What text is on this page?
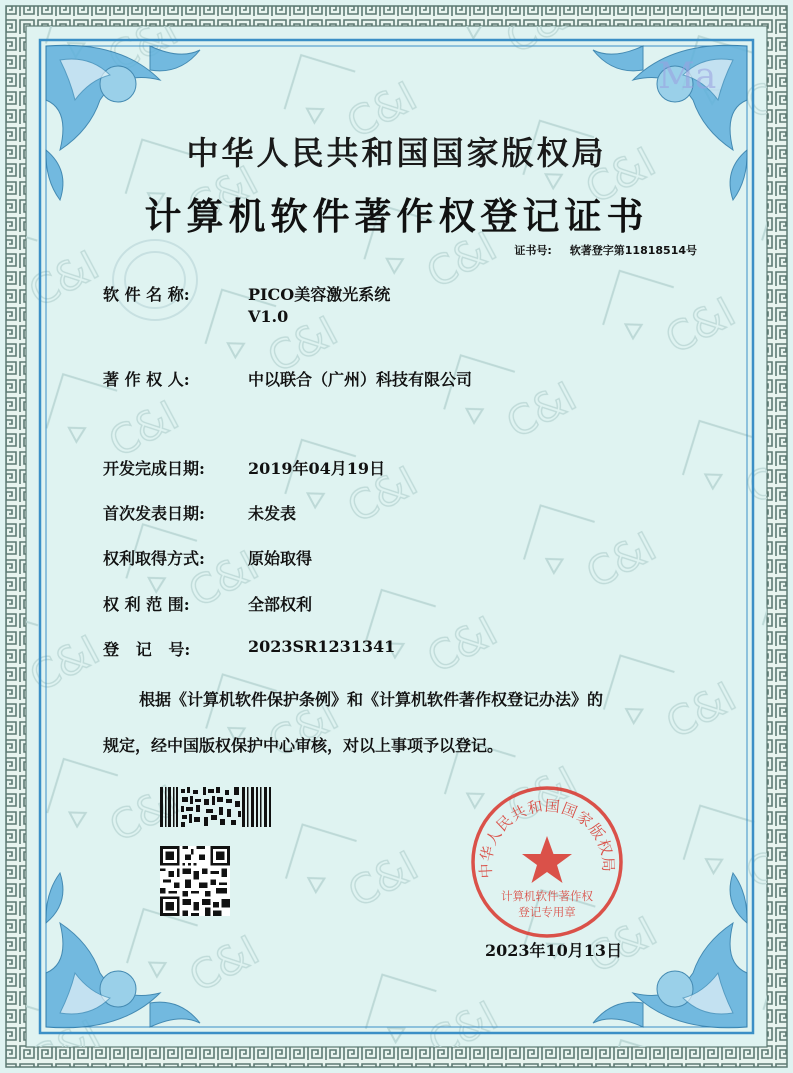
Ma
中华人民共和国国家版权局
计算机软件著作权登记证书
证书号: 软著登字第11818514号
软 件 名 称:	PICO美容激光系统
V1.0
著 作 权 人:	中以联合（广州）科技有限公司
开发完成日期:	2019年04月19日
首次发表日期:	未发表
权利取得方式:	原始取得
权 利 范 围:	全部权利
登   记   号:	2023SR1231341
根据《计算机软件保护条例》和《计算机软件著作权登记办法》的
规定，经中国版权保护中心审核，对以上事项予以登记。
中华人民共和国国家版权局
计算机软件著作权
登记专用章
2023年10月13日
